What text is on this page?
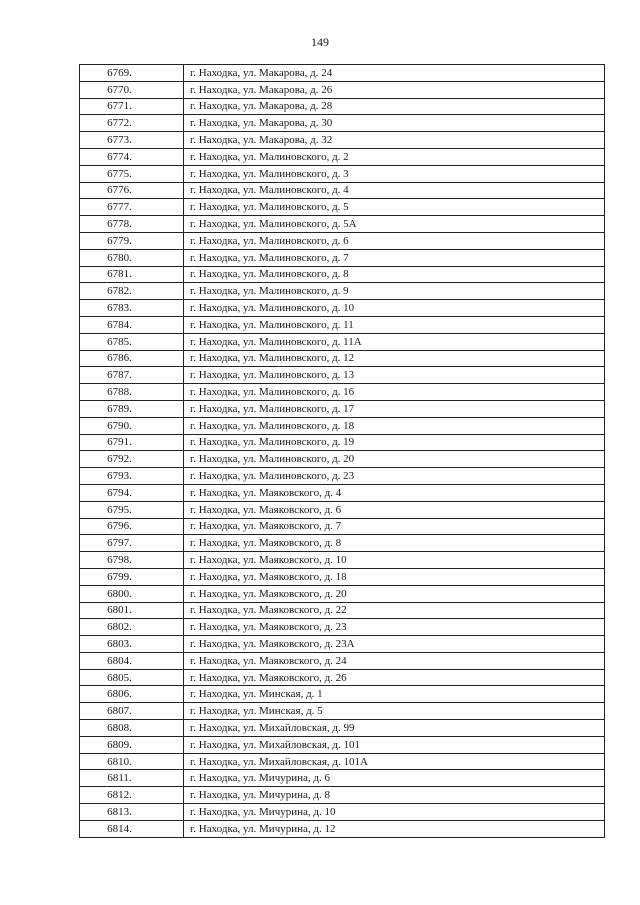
149
6769.	г. Находка, ул. Макарова, д. 24
6770.	г. Находка, ул. Макарова, д. 26
6771.	г. Находка, ул. Макарова, д. 28
6772.	г. Находка, ул. Макарова, д. 30
6773.	г. Находка, ул. Макарова, д. 32
6774.	г. Находка, ул. Малиновского, д. 2
6775.	г. Находка, ул. Малиновского, д. 3
6776.	г. Находка, ул. Малиновского, д. 4
6777.	г. Находка, ул. Малиновского, д. 5
6778.	г. Находка, ул. Малиновского, д. 5А
6779.	г. Находка, ул. Малиновского, д. 6
6780.	г. Находка, ул. Малиновского, д. 7
6781.	г. Находка, ул. Малиновского, д. 8
6782.	г. Находка, ул. Малиновского, д. 9
6783.	г. Находка, ул. Малиновского, д. 10
6784.	г. Находка, ул. Малиновского, д. 11
6785.	г. Находка, ул. Малиновского, д. 11А
6786.	г. Находка, ул. Малиновского, д. 12
6787.	г. Находка, ул. Малиновского, д. 13
6788.	г. Находка, ул. Малиновского, д. 16
6789.	г. Находка, ул. Малиновского, д. 17
6790.	г. Находка, ул. Малиновского, д. 18
6791.	г. Находка, ул. Малиновского, д. 19
6792.	г. Находка, ул. Малиновского, д. 20
6793.	г. Находка, ул. Малиновского, д. 23
6794.	г. Находка, ул. Маяковского, д. 4
6795.	г. Находка, ул. Маяковского, д. 6
6796.	г. Находка, ул. Маяковского, д. 7
6797.	г. Находка, ул. Маяковского, д. 8
6798.	г. Находка, ул. Маяковского, д. 10
6799.	г. Находка, ул. Маяковского, д. 18
6800.	г. Находка, ул. Маяковского, д. 20
6801.	г. Находка, ул. Маяковского, д. 22
6802.	г. Находка, ул. Маяковского, д. 23
6803.	г. Находка, ул. Маяковского, д. 23А
6804.	г. Находка, ул. Маяковского, д. 24
6805.	г. Находка, ул. Маяковского, д. 26
6806.	г. Находка, ул. Минская, д. 1
6807.	г. Находка, ул. Минская, д. 5
6808.	г. Находка, ул. Михайловская, д. 99
6809.	г. Находка, ул. Михайловская, д. 101
6810.	г. Находка, ул. Михайловская, д. 101А
6811.	г. Находка, ул. Мичурина, д. 6
6812.	г. Находка, ул. Мичурина, д. 8
6813.	г. Находка, ул. Мичурина, д. 10
6814.	г. Находка, ул. Мичурина, д. 12
